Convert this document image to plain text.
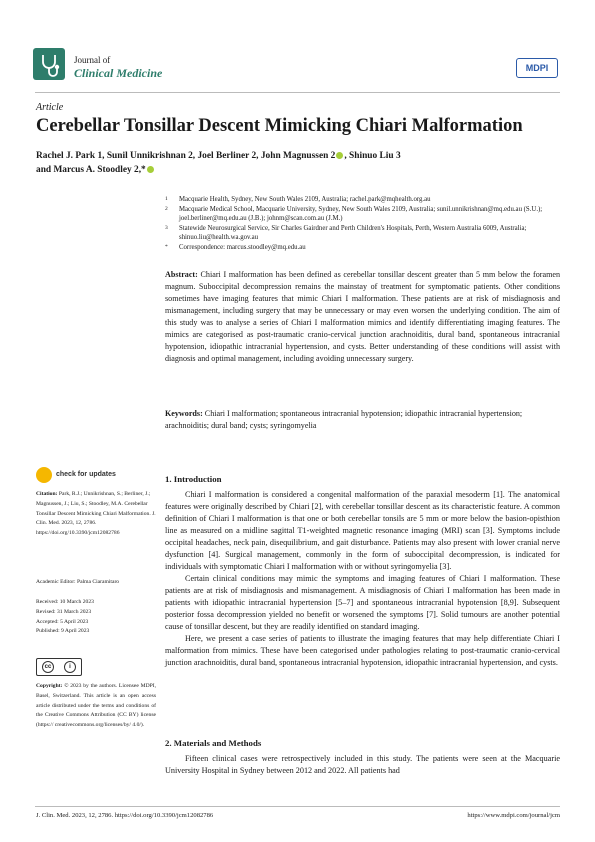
Journal of
Clinical Medicine	MDPI
Article
Cerebellar Tonsillar Descent Mimicking Chiari Malformation
Rachel J. Park 1, Sunil Unnikrishnan 2, Joel Berliner 2, John Magnussen 2 , Shinuo Liu 3
and Marcus A. Stoodley 2,*
1	Macquarie Health, Sydney, New South Wales 2109, Australia; rachel.park@mqhealth.org.au
2	Macquarie Medical School, Macquarie University, Sydney, New South Wales 2109, Australia; sunil.unnikrishnan@mq.edu.au (S.U.); joel.berliner@mq.edu.au (J.B.); johnm@scan.com.au (J.M.)
3	Statewide Neurosurgical Service, Sir Charles Gairdner and Perth Children's Hospitals, Perth, Western Australia 6009, Australia; shinuo.liu@health.wa.gov.au
*	Correspondence: marcus.stoodley@mq.edu.au
Abstract: Chiari I malformation has been defined as cerebellar tonsillar descent greater than 5 mm below the foramen magnum. Suboccipital decompression remains the mainstay of treatment for symptomatic patients. Other conditions sometimes have imaging features that mimic Chiari I malformation. These patients are at risk of misdiagnosis and mismanagement, including surgery that may be unnecessary or may even worsen the underlying condition. The aim of this study was to analyse a series of Chiari I malformation mimics and identify differentiating imaging features. The mimics are categorised as post-traumatic cranio-cervical junction arachnoiditis, dural band, spontaneous intracranial hypotension, idiopathic intracranial hypertension, and cysts. Better understanding of these conditions will assist with diagnosis and optimal management, including avoiding unnecessary surgery.
Keywords: Chiari I malformation; spontaneous intracranial hypotension; idiopathic intracranial hypertension; arachnoiditis; dural band; cysts; syringomyelia
check for updates
Citation: Park, R.J.; Unnikrishnan, S.; Berliner, J.; Magnussen, J.; Liu, S.; Stoodley, M.A. Cerebellar Tonsillar Descent Mimicking Chiari Malformation. J. Clin. Med. 2023, 12, 2786. https://doi.org/10.3390/jcm12082786
Academic Editor: Palma Ciaramitaro
Received: 10 March 2023
Revised: 31 March 2023
Accepted: 5 April 2023
Published: 9 April 2023
cc	i
Copyright: © 2023 by the authors. Licensee MDPI, Basel, Switzerland. This article is an open access article distributed under the terms and conditions of the Creative Commons Attribution (CC BY) license (https:// creativecommons.org/licenses/by/ 4.0/).
1. Introduction

Chiari I malformation is considered a congenital malformation of the paraxial mesoderm [1]. The anatomical features were originally described by Chiari [2], with cerebellar tonsillar descent as its characteristic feature. A common definition of Chiari I malformation is that one or both cerebellar tonsils are 5 mm or more below the basion-opisthion line as measured on a midline sagittal T1-weighted magnetic resonance imaging (MRI) scan [3]. Symptoms include occipital headaches, neck pain, disequilibrium, and gait disturbance. Patients may also present with lower cranial nerve dysfunction [4]. Surgical management, commonly in the form of suboccipital decompression, is indicated for individuals with symptomatic Chiari I malformation with or without syringomyelia [3].

Certain clinical conditions may mimic the symptoms and imaging features of Chiari I malformation. These patients are at risk of misdiagnosis and mismanagement. A misdiagnosis of Chiari I malformation has been made in patients with idiopathic intracranial hypertension [5–7] and spontaneous intracranial hypotension [8,9]. Subsequent posterior fossa decompression yielded no benefit or worsened the symptoms [7]. Solid tumours are another potential cause of tonsillar descent, but they are readily identified on standard imaging.

Here, we present a case series of patients to illustrate the imaging features that may help differentiate Chiari I malformation from mimics. These have been categorised under pathologies relating to post-traumatic cranio-cervical junction arachnoiditis, dural band, spontaneous intracranial hypotension, idiopathic intracranial hypertension, and cysts.

2. Materials and Methods

Fifteen clinical cases were retrospectively included in this study. The patients were seen at the Macquarie University Hospital in Sydney between 2012 and 2022. All patients had

J. Clin. Med. 2023, 12, 2786. https://doi.org/10.3390/jcm12082786	https://www.mdpi.com/journal/jcm
